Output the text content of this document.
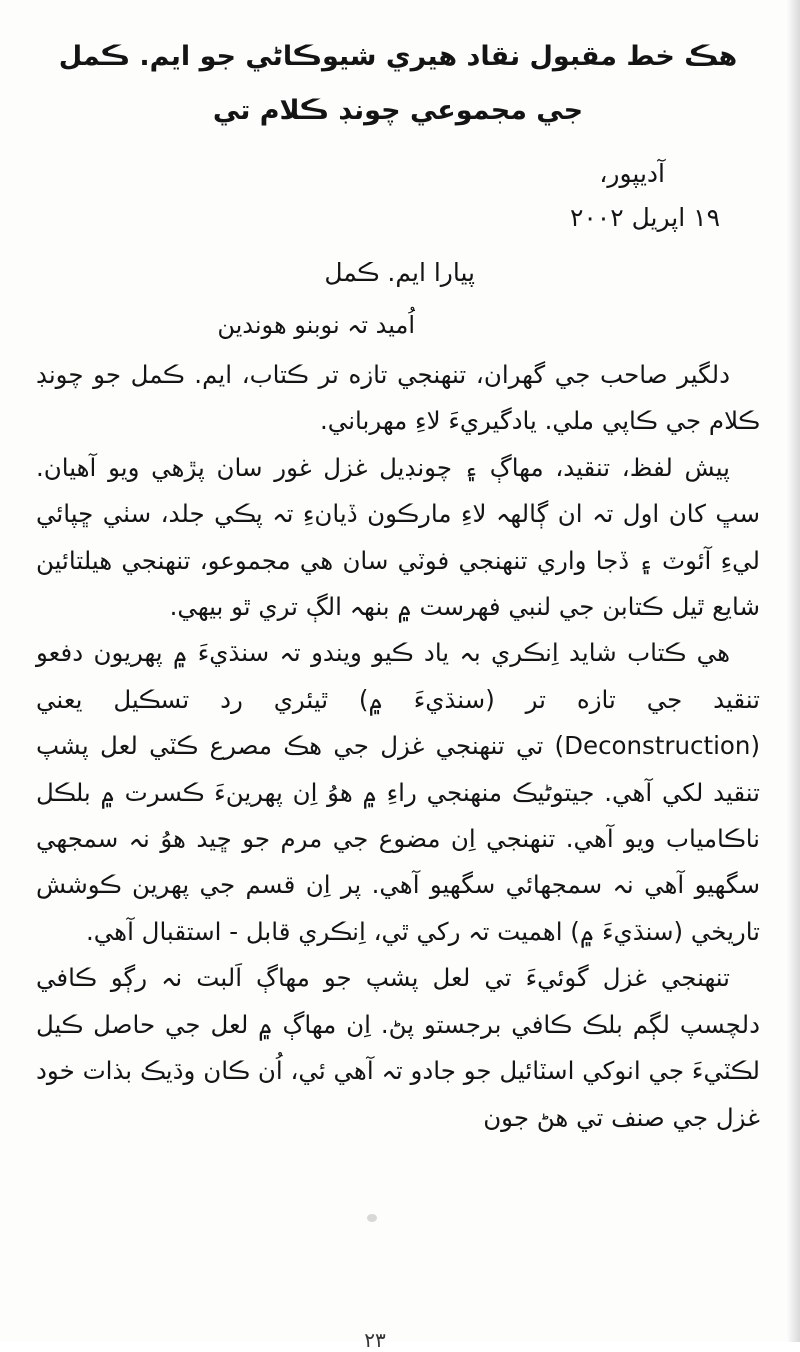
هڪ خط مقبول نقاد هيري شيوڪاڻي جو ايم. ڪمل
جي مجموعي چونڊ ڪلام تي
آديپور،
١٩ اپريل ٢٠٠٢
پيارا ايم. ڪمل
اُميد تہ نوبنو هوندين

دلگير صاحب جي گهران، تنهنجي تازه تر ڪتاب، ايم. ڪمل جو چونڊ ڪلام جي ڪاپي ملي. يادگيريءَ لاءِ مهرباني.

پيش لفظ، تنقيد، مهاڳ ۽ چونڊيل غزل غور سان پڙهي ويو آهيان. سڀ کان اول تہ ان ڳالهہ لاءِ مارڪون ڏيانءِ تہ پڪي جلد، سٺي ڇپائي ليءِ آئوٽ ۽ ڏجا واري تنهنجي فوٽي سان هي مجموعو، تنهنجي هيلتائين شايع ٿيل ڪتابن جي لنبي فهرست ۾ بنهہ الڳ تري ٿو بيهي.

هي ڪتاب شايد اِنڪري بہ ياد ڪيو ويندو تہ سنڌيءَ ۾ پهريون دفعو تنقيد جي تازه تر (سنڌيءَ ۾) ٿيئري رد تسڪيل يعني (Deconstruction) تي تنهنجي غزل جي هڪ مصرع ڪٽي لعل پشپ تنقيد لکي آهي. جيتوڻيڪ منهنجي راءِ ۾ هوُ اِن پهرينءَ ڪسرت ۾ بلڪل ناڪامياب ويو آهي. تنهنجي اِن مضوع جي مرم جو ڇيد هوُ نہ سمجهي سگهيو آهي نہ سمجهائي سگهيو آهي. پر اِن قسم جي پهرين ڪوشش تاريخي (سنڌيءَ ۾) اهميت تہ رکي ٿي، اِنڪري قابل - استقبال آهي.

تنهنجي غزل گوئيءَ تي لعل پشپ جو مهاڳ اَلبت نہ رڳو ڪافي دلچسپ لڳم بلڪ ڪافي برجستو پڻ. اِن مهاڳ ۾ لعل جي حاصل ڪيل لڪٽيءَ جي انوکي اسٽائيل جو جادو تہ آهي ئي، اُن ڪان وڌيڪ بذات خود غزل جي صنف تي هڻ جون

٢٣
